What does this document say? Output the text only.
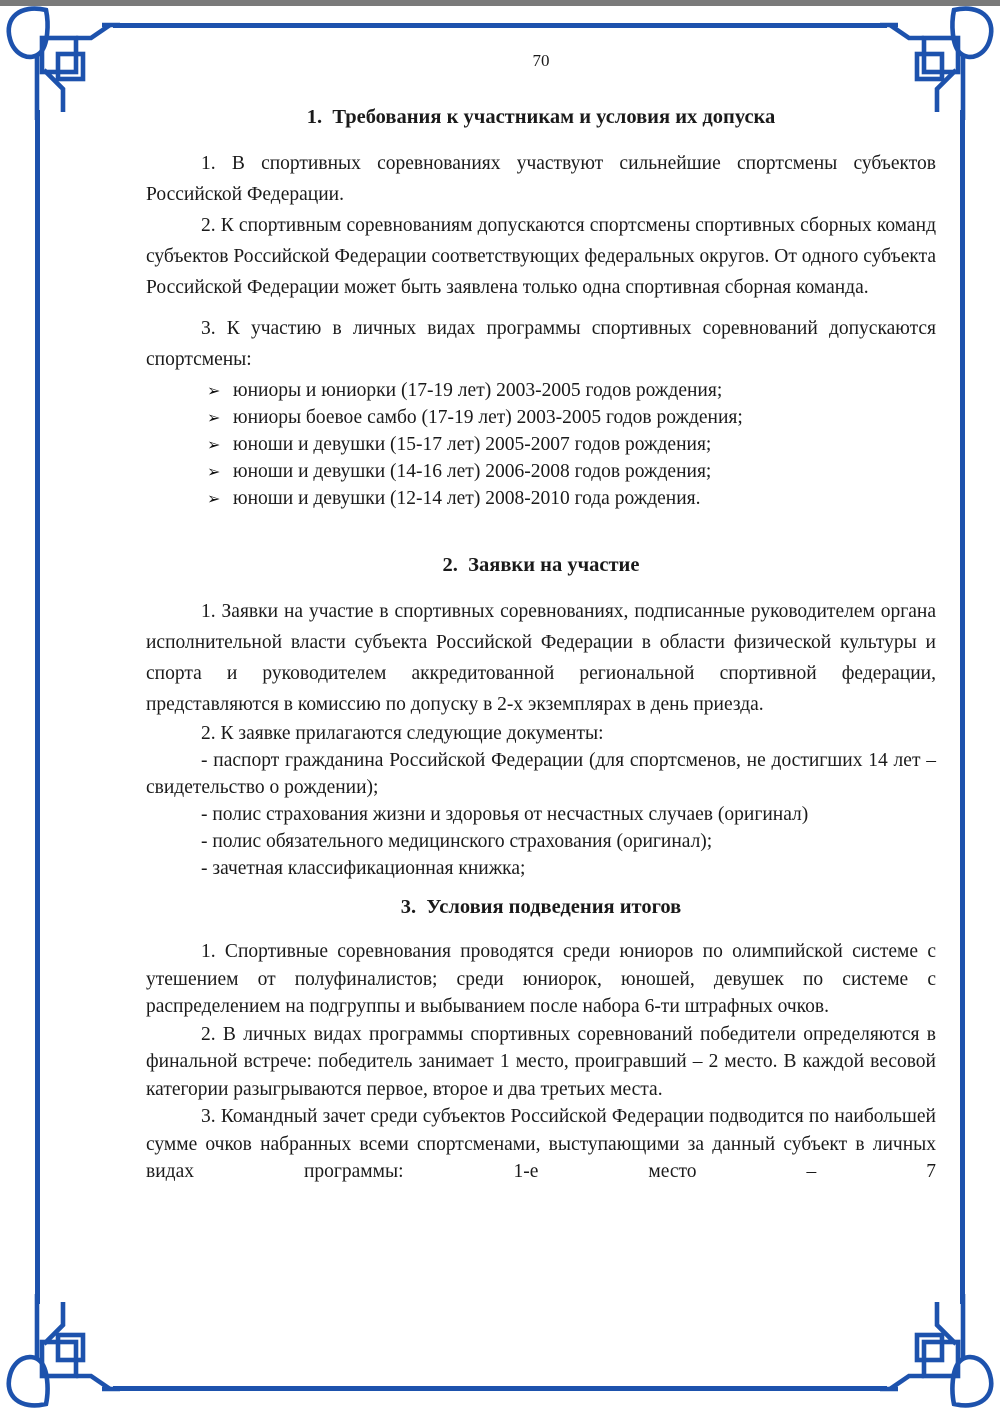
70
1.  Требования к участникам и условия их допуска

1. В спортивных соревнованиях участвуют сильнейшие спортсмены субъектов Российской Федерации.

2. К спортивным соревнованиям допускаются спортсмены спортивных сборных команд субъектов Российской Федерации соответствующих федеральных округов. От одного субъекта Российской Федерации может быть заявлена только одна спортивная сборная команда.

3. К участию в личных видах программы спортивных соревнований допускаются спортсмены:

➢ юниоры и юниорки (17-19 лет) 2003-2005 годов рождения;
➢ юниоры боевое самбо (17-19 лет) 2003-2005 годов рождения;
➢ юноши и девушки (15-17 лет) 2005-2007 годов рождения;
➢ юноши и девушки (14-16 лет) 2006-2008 годов рождения;
➢ юноши и девушки (12-14 лет) 2008-2010 года рождения.
2.  Заявки на участие

1. Заявки на участие в спортивных соревнованиях, подписанные руководителем органа исполнительной власти субъекта Российской Федерации в области физической культуры и спорта и руководителем аккредитованной региональной спортивной федерации, представляются в комиссию по допуску в 2-х экземплярах в день приезда.

2. К заявке прилагаются следующие документы:

- паспорт гражданина Российской Федерации (для спортсменов, не достигших 14 лет – свидетельство о рождении);

- полис страхования жизни и здоровья от несчастных случаев (оригинал)

- полис обязательного медицинского страхования (оригинал);

- зачетная классификационная книжка;

3.  Условия подведения итогов

1. Спортивные соревнования проводятся среди юниоров по олимпийской системе с утешением от полуфиналистов; среди юниорок, юношей, девушек по системе с распределением на подгруппы и выбыванием после набора 6-ти штрафных очков.

2. В личных видах программы спортивных соревнований победители определяются в финальной встрече: победитель занимает 1 место, проигравший – 2 место. В каждой весовой категории разыгрываются первое, второе и два третьих места.

3. Командный зачет среди субъектов Российской Федерации подводится по наибольшей сумме очков набранных всеми спортсменами, выступающими за данный субъект в личных видах программы: 1-е место – 7
